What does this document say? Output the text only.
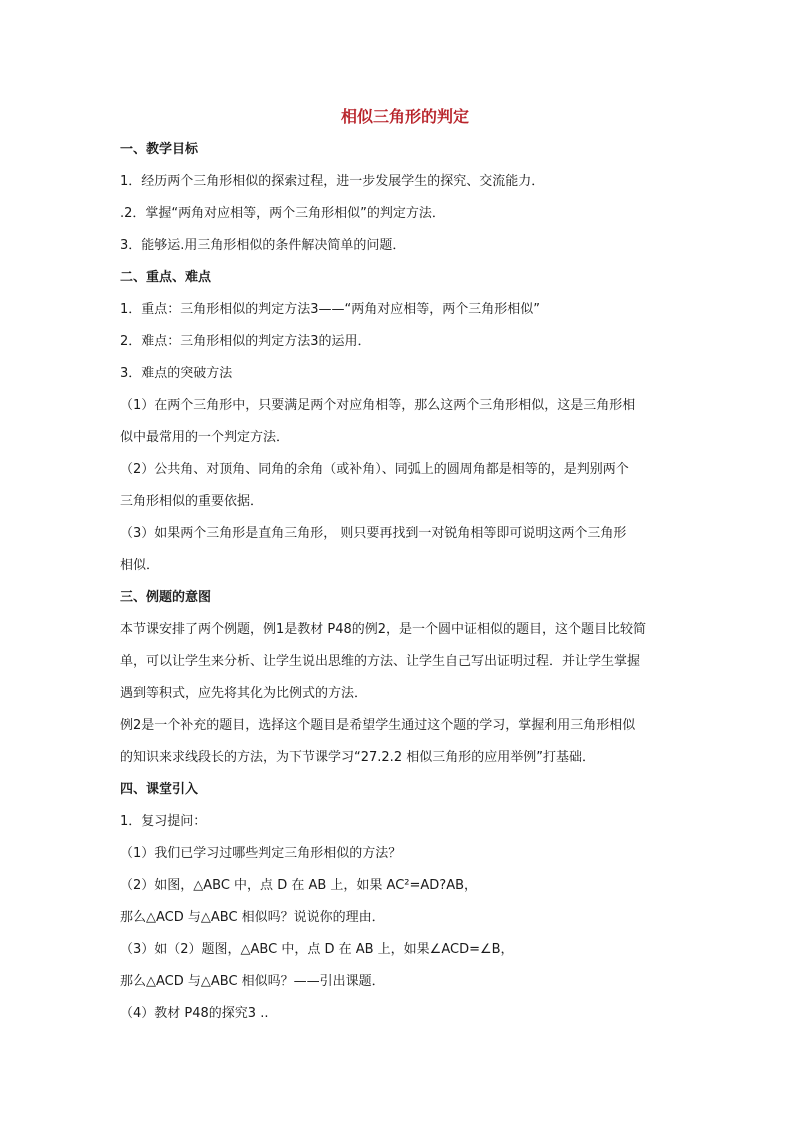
相似三角形的判定

一、教学目标

1．经历两个三角形相似的探索过程，进一步发展学生的探究、交流能力．

.2．掌握“两角对应相等，两个三角形相似”的判定方法．

3．能够运.用三角形相似的条件解决简单的问题．

二、重点、难点

1．重点：三角形相似的判定方法3——“两角对应相等，两个三角形相似”

2．难点：三角形相似的判定方法3的运用．

3．难点的突破方法

（1）在两个三角形中，只要满足两个对应角相等，那么这两个三角形相似，这是三角形相

似中最常用的一个判定方法．

（2）公共角、对顶角、同角的余角（或补角）、同弧上的圆周角都是相等的，是判别两个

三角形相似的重要依据．

（3）如果两个三角形是直角三角形， 则只要再找到一对锐角相等即可说明这两个三角形

相似．

三、例题的意图

本节课安排了两个例题，例1是教材 P48的例2，是一个圆中证相似的题目，这个题目比较简

单，可以让学生来分析、让学生说出思维的方法、让学生自己写出证明过程．并让学生掌握

遇到等积式，应先将其化为比例式的方法．

例2是一个补充的题目，选择这个题目是希望学生通过这个题的学习，掌握利用三角形相似

的知识来求线段长的方法，为下节课学习“27.2.2 相似三角形的应用举例”打基础．

四、课堂引入

1．复习提问：

（1）我们已学习过哪些判定三角形相似的方法？

（2）如图，△ABC 中，点 D 在 AB 上，如果 AC²=AD?AB，

那么△ACD 与△ABC 相似吗？说说你的理由．

（3）如（2）题图，△ABC 中，点 D 在 AB 上，如果∠ACD=∠B，

那么△ACD 与△ABC 相似吗？——引出课题．

（4）教材 P48的探究3 ..
